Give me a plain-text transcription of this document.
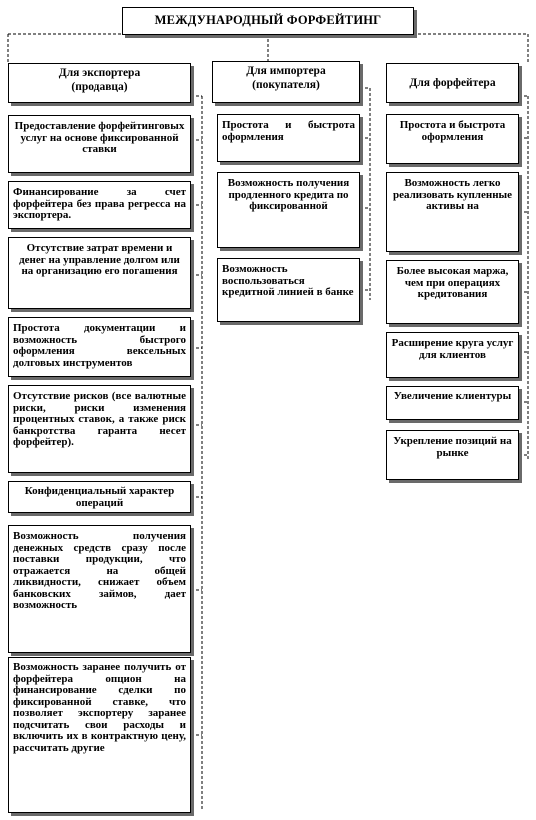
МЕЖДУНАРОДНЫЙ ФОРФЕЙТИНГ
Для экспортера
(продавца)
Предоставление форфейтинговых услуг на основе фиксированной ставки
Финансирование за счет форфейтера без права регресса на экспортера.
Отсутствие затрат времени и денег на управление долгом или на организацию его погашения
Простота документации и возможность быстрого оформления вексельных долговых инструментов
Отсутствие рисков (все валютные риски, риски изменения процентных ставок, а также риск банкротства гаранта несет форфейтер).
Конфиденциальный характер операций
Возможность получения денежных средств сразу после поставки продукции, что отражается на общей ликвидности, снижает объем банковских займов, дает возможность
Возможность заранее получить от форфейтера опцион на финансирование сделки по фиксированной ставке, что позволяет экспортеру заранее подсчитать свои расходы и включить их в контрактную цену, рассчитать другие
Для импортера
(покупателя)
Простота и быстрота оформления
Возможность получения продленного кредита по фиксированной
Возможность воспользоваться кредитной линией в банке
Для форфейтера
Простота и быстрота оформления
Возможность легко реализовать купленные активы на
Более высокая маржа, чем при операциях кредитования
Расширение круга услуг для клиентов
Увеличение клиентуры
Укрепление позиций на рынке
